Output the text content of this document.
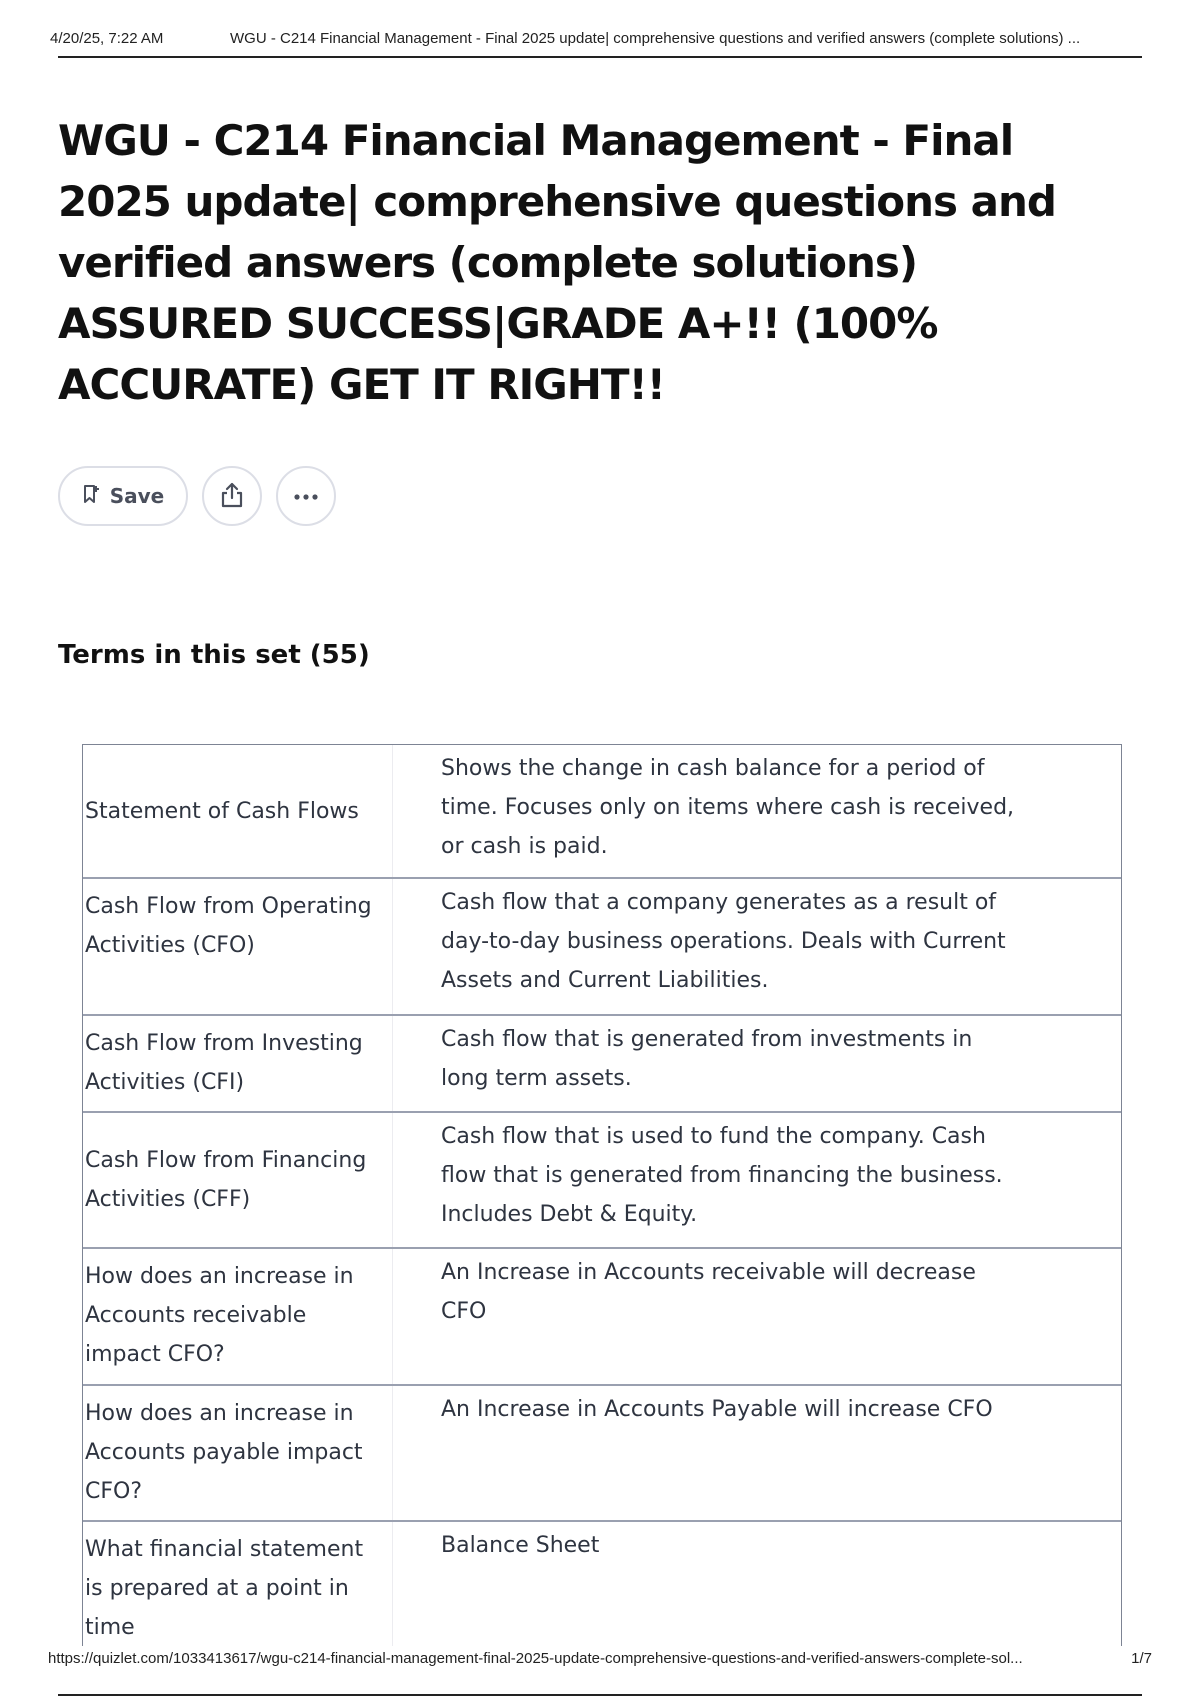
4/20/25, 7:22 AM	WGU - C214 Financial Management - Final 2025 update| comprehensive questions and verified answers (complete solutions) ...
WGU - C214 Financial Management - Final 2025 update| comprehensive questions and verified answers (complete solutions) ASSURED SUCCESS|GRADE A+!! (100% ACCURATE) GET IT RIGHT!!
Save
Terms in this set (55)
Statement of Cash Flows
Shows the change in cash balance for a period of time. Focuses only on items where cash is received, or cash is paid.
Cash Flow from Operating Activities (CFO)
Cash flow that a company generates as a result of day-to-day business operations. Deals with Current Assets and Current Liabilities.
Cash Flow from Investing Activities (CFI)
Cash flow that is generated from investments in long term assets.
Cash Flow from Financing Activities (CFF)
Cash flow that is used to fund the company. Cash flow that is generated from financing the business. Includes Debt & Equity.
How does an increase in Accounts receivable impact CFO?
An Increase in Accounts receivable will decrease CFO
How does an increase in Accounts payable impact CFO?
An Increase in Accounts Payable will increase CFO
What financial statement is prepared at a point in time
Balance Sheet
https://quizlet.com/1033413617/wgu-c214-financial-management-final-2025-update-comprehensive-questions-and-verified-answers-complete-sol...	1/7
